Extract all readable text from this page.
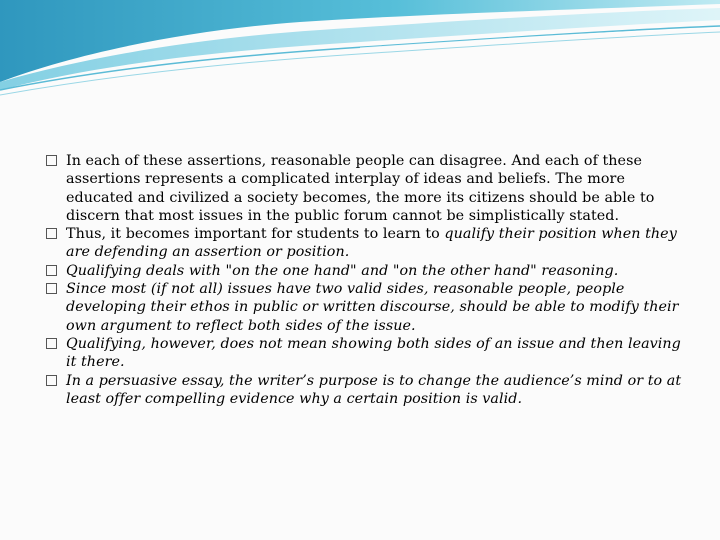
In each of these assertions, reasonable people can disagree. And each of these assertions represents a complicated interplay of ideas and beliefs. The more educated and civilized a society becomes, the more its citizens should be able to discern that most issues in the public forum cannot be simplistically stated.

Thus, it becomes important for students to learn to qualify their position when they are defending an assertion or position.

Qualifying deals with "on the one hand" and "on the other hand" reasoning.

Since most (if not all) issues have two valid sides, reasonable people, people developing their ethos in public or written discourse, should be able to modify their own argument to reflect both sides of the issue.

Qualifying, however, does not mean showing both sides of an issue and then leaving it there.

In a persuasive essay, the writer’s purpose is to change the audience’s mind or to at least offer compelling evidence why a certain position is valid.
